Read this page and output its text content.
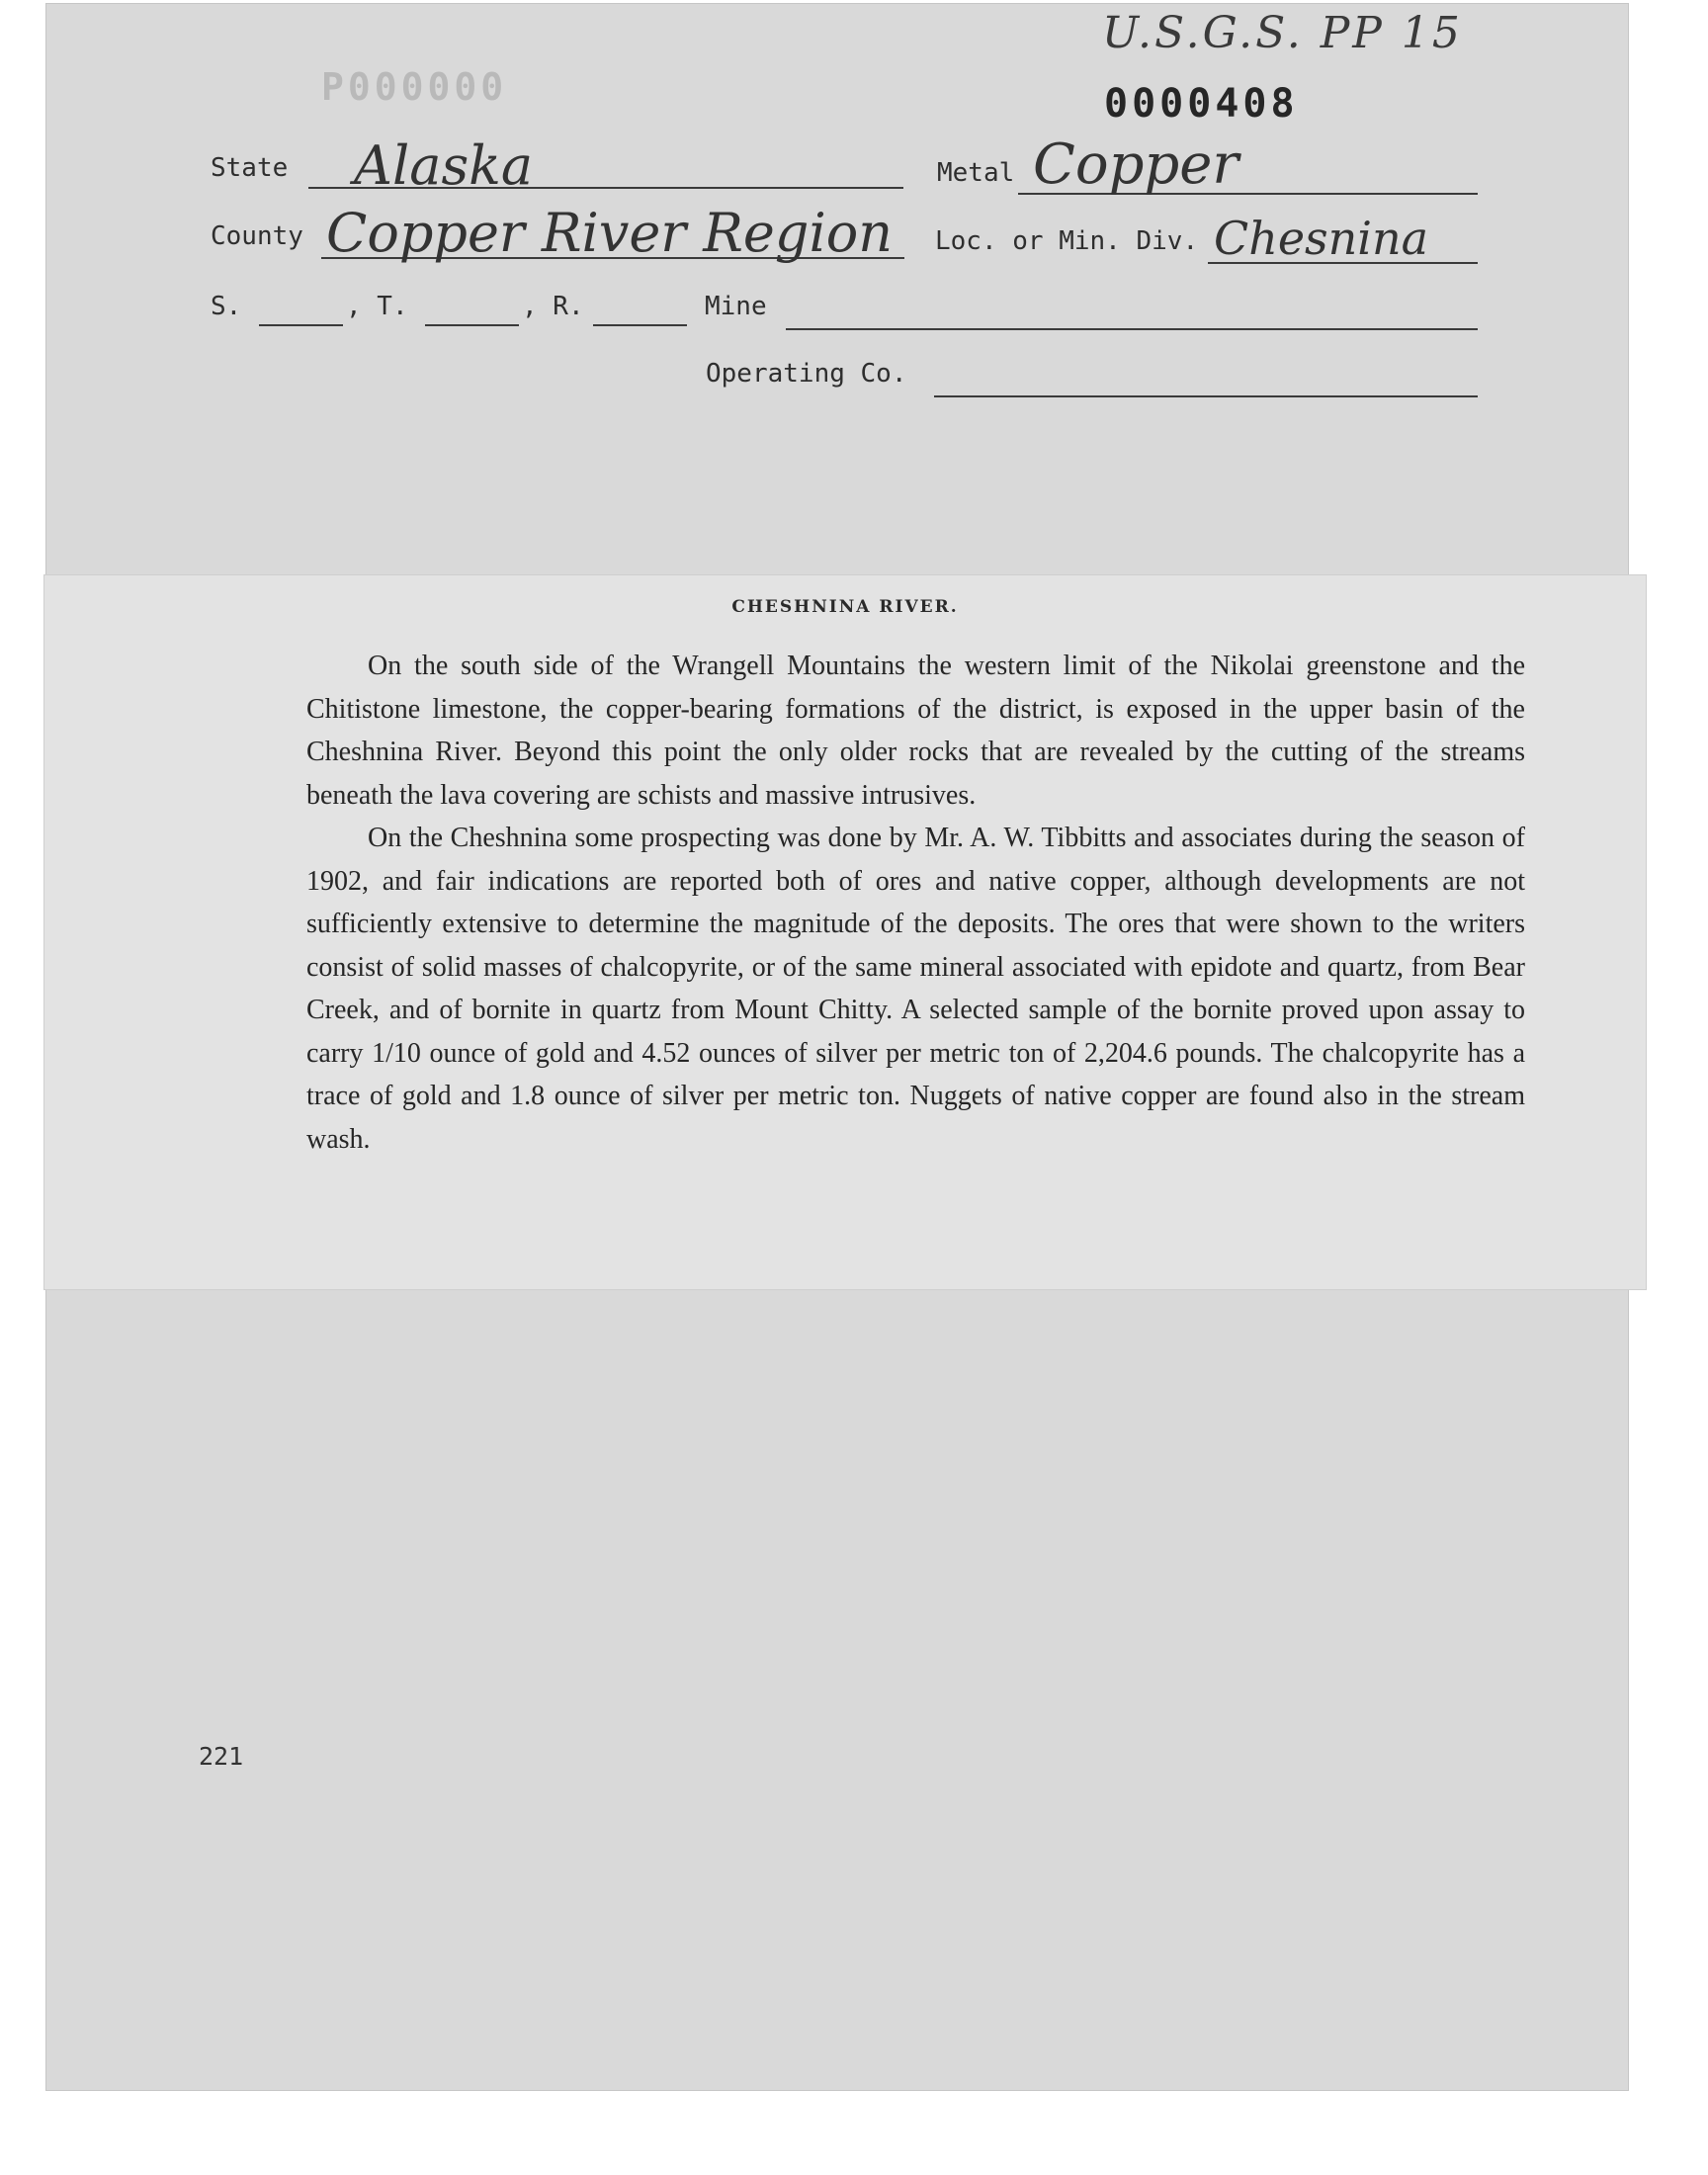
U.S.G.S. PP 15
P000000	0000408
State Alaska	Metal Copper
County Copper River Region Loc. or Min. Div. Chesnina
S.	, T.	, R.	Mine
Operating Co.
CHESHNINA RIVER.

On the south side of the Wrangell Mountains the western limit of the Nikolai greenstone and the Chitistone limestone, the copper-bearing formations of the district, is exposed in the upper basin of the Cheshnina River. Beyond this point the only older rocks that are revealed by the cutting of the streams beneath the lava covering are schists and massive intrusives.

On the Cheshnina some prospecting was done by Mr. A. W. Tibbitts and associates during the season of 1902, and fair indications are reported both of ores and native copper, although developments are not sufficiently extensive to determine the magnitude of the deposits. The ores that were shown to the writers consist of solid masses of chalcopyrite, or of the same mineral associated with epidote and quartz, from Bear Creek, and of bornite in quartz from Mount Chitty. A selected sample of the bornite proved upon assay to carry 1/10 ounce of gold and 4.52 ounces of silver per metric ton of 2,204.6 pounds. The chalcopyrite has a trace of gold and 1.8 ounce of silver per metric ton. Nuggets of native copper are found also in the stream wash.

221
